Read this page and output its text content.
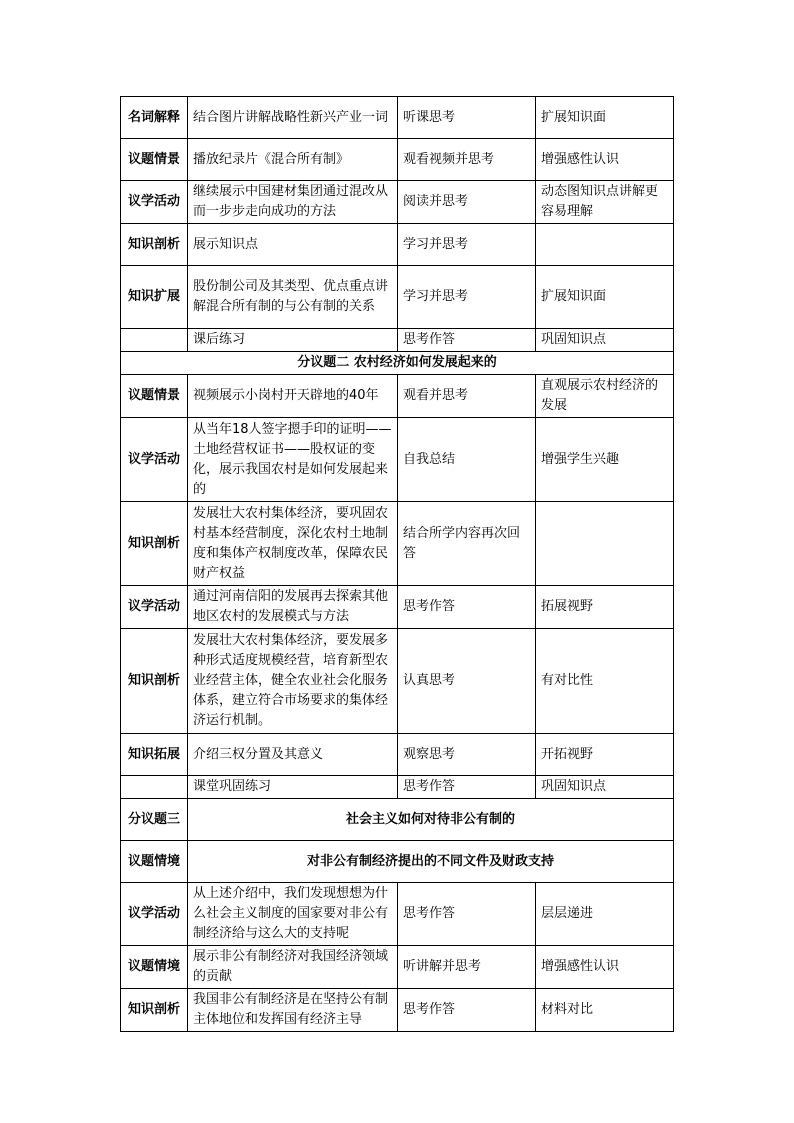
名词解释	结合图片讲解战略性新兴产业一词	听课思考	扩展知识面
议题情景	播放纪录片《混合所有制》	观看视频并思考	增强感性认识
议学活动	继续展示中国建材集团通过混改从而一步步走向成功的方法	阅读并思考	动态图知识点讲解更容易理解
知识剖析	展示知识点	学习并思考	
知识扩展	股份制公司及其类型、优点重点讲解混合所有制的与公有制的关系	学习并思考	扩展知识面
	课后练习	思考作答	巩固知识点
分议题二 农村经济如何发展起来的			
议题情景	视频展示小岗村开天辟地的40年	观看并思考	直观展示农村经济的发展
议学活动	从当年18人签字摁手印的证明——土地经营权证书——股权证的变化，展示我国农村是如何发展起来的	自我总结	增强学生兴趣
知识剖析	发展壮大农村集体经济，要巩固农村基本经营制度，深化农村土地制度和集体产权制度改革，保障农民财产权益	结合所学内容再次回答	
议学活动	通过河南信阳的发展再去探索其他地区农村的发展模式与方法	思考作答	拓展视野
知识剖析	发展壮大农村集体经济，要发展多种形式适度规模经营，培育新型农业经营主体，健全农业社会化服务体系，建立符合市场要求的集体经济运行机制。	认真思考	有对比性
知识拓展	介绍三权分置及其意义	观察思考	开拓视野
	课堂巩固练习	思考作答	巩固知识点
分议题三	社会主义如何对待非公有制的		
议题情境	对非公有制经济提出的不同文件及财政支持		
议学活动	从上述介绍中，我们发现想想为什么社会主义制度的国家要对非公有制经济给与这么大的支持呢	思考作答	层层递进
议题情境	展示非公有制经济对我国经济领域的贡献	听讲解并思考	增强感性认识
知识剖析	我国非公有制经济是在坚持公有制主体地位和发挥国有经济主导	思考作答	材料对比
